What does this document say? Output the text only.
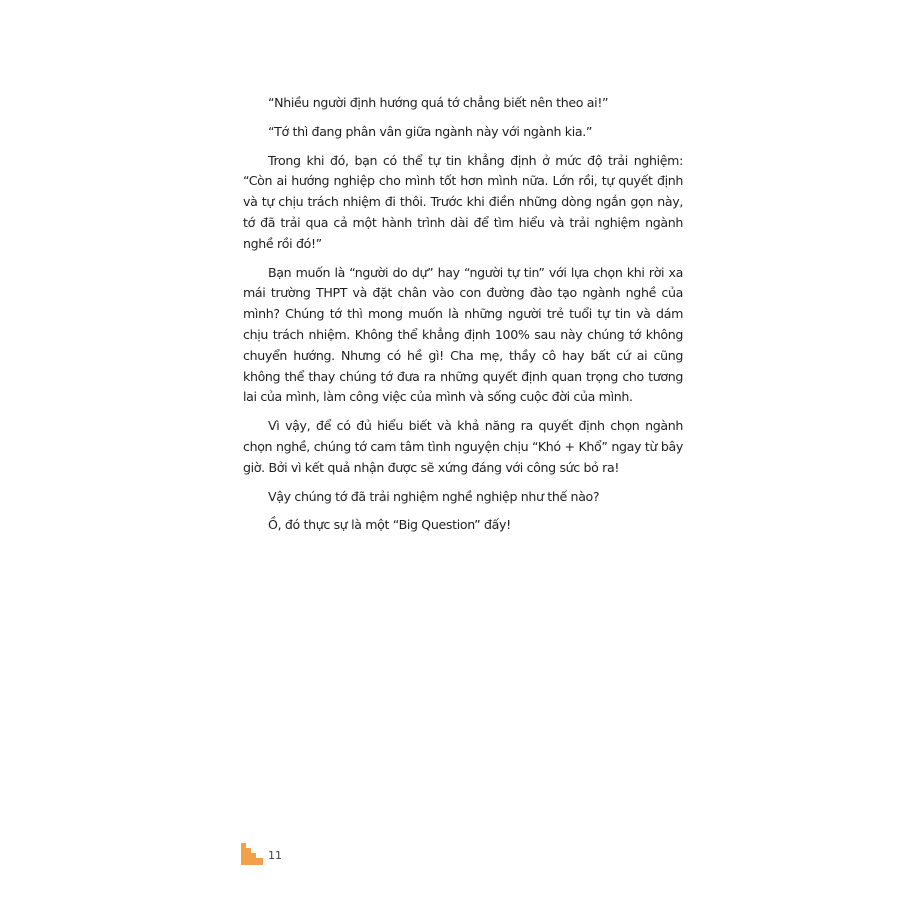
“Nhiều người định hướng quá tớ chẳng biết nên theo ai!”

“Tớ thì đang phân vân giữa ngành này với ngành kia.”

Trong khi đó, bạn có thể tự tin khẳng định ở mức độ trải nghiệm: “Còn ai hướng nghiệp cho mình tốt hơn mình nữa. Lớn rồi, tự quyết định và tự chịu trách nhiệm đi thôi. Trước khi điền những dòng ngắn gọn này, tớ đã trải qua cả một hành trình dài để tìm hiểu và trải nghiệm ngành nghề rồi đó!”

Bạn muốn là “người do dự” hay “người tự tin” với lựa chọn khi rời xa mái trường THPT và đặt chân vào con đường đào tạo ngành nghề của mình? Chúng tớ thì mong muốn là những người trẻ tuổi tự tin và dám chịu trách nhiệm. Không thể khẳng định 100% sau này chúng tớ không chuyển hướng. Nhưng có hề gì! Cha mẹ, thầy cô hay bất cứ ai cũng không thể thay chúng tớ đưa ra những quyết định quan trọng cho tương lai của mình, làm công việc của mình và sống cuộc đời của mình.

Vì vậy, để có đủ hiểu biết và khả năng ra quyết định chọn ngành chọn nghề, chúng tớ cam tâm tình nguyện chịu “Khó + Khổ” ngay từ bây giờ. Bởi vì kết quả nhận được sẽ xứng đáng với công sức bỏ ra!

Vậy chúng tớ đã trải nghiệm nghề nghiệp như thế nào?

Ồ, đó thực sự là một “Big Question” đấy!

11
